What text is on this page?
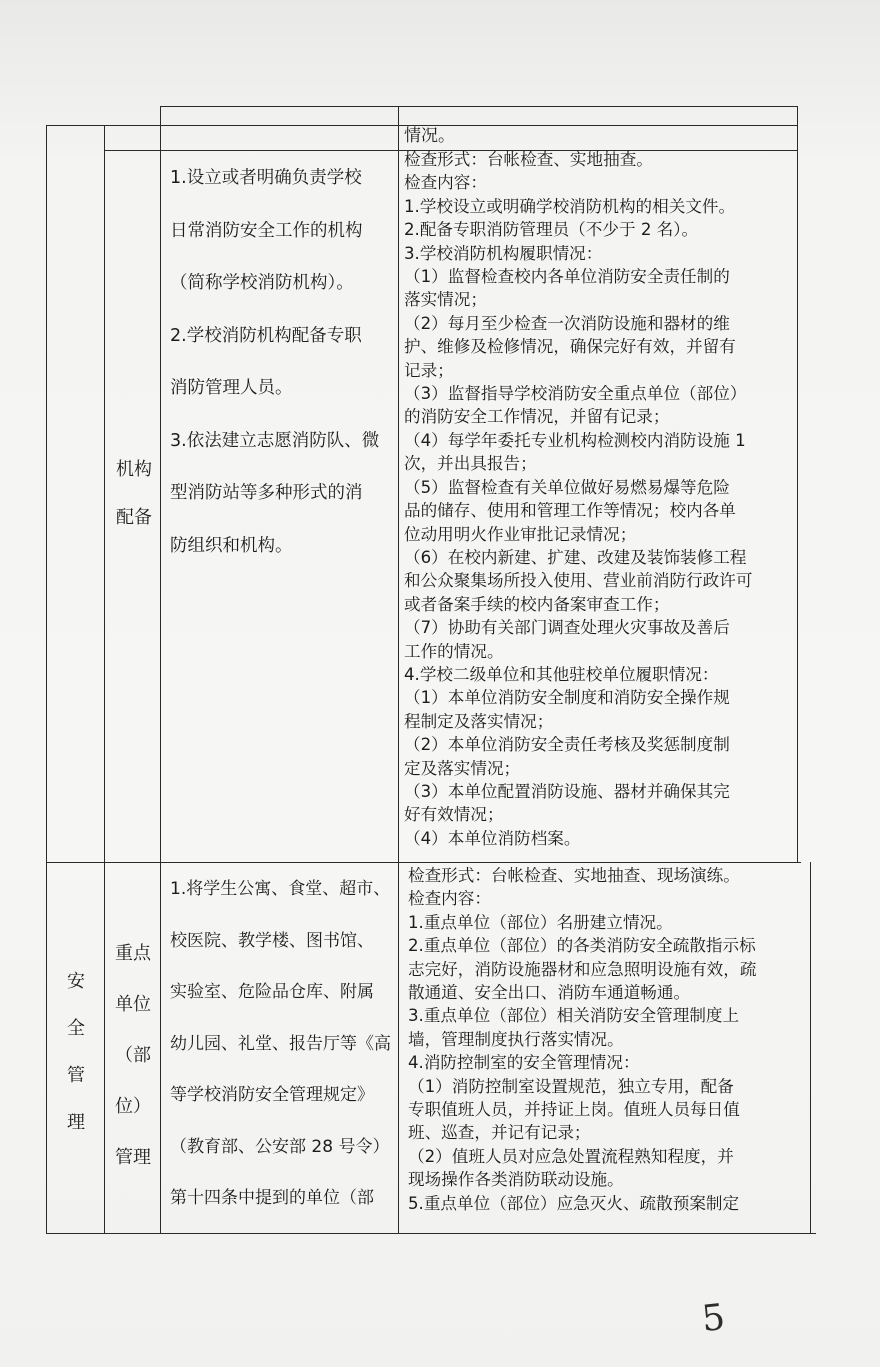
情况。
机构
配备
1.设立或者明确负责学校
日常消防安全工作的机构
（简称学校消防机构）。
2.学校消防机构配备专职
消防管理人员。
3.依法建立志愿消防队、微
型消防站等多种形式的消
防组织和机构。
检查形式：台帐检查、实地抽查。
检查内容：
1.学校设立或明确学校消防机构的相关文件。
2.配备专职消防管理员（不少于 2 名）。
3.学校消防机构履职情况：
（1）监督检查校内各单位消防安全责任制的
落实情况；
（2）每月至少检查一次消防设施和器材的维
护、维修及检修情况，确保完好有效，并留有
记录；
（3）监督指导学校消防安全重点单位（部位）
的消防安全工作情况，并留有记录；
（4）每学年委托专业机构检测校内消防设施 1
次，并出具报告；
（5）监督检查有关单位做好易燃易爆等危险
品的储存、使用和管理工作等情况；校内各单
位动用明火作业审批记录情况；
（6）在校内新建、扩建、改建及装饰装修工程
和公众聚集场所投入使用、营业前消防行政许可
或者备案手续的校内备案审查工作；
（7）协助有关部门调查处理火灾事故及善后
工作的情况。
4.学校二级单位和其他驻校单位履职情况：
（1）本单位消防安全制度和消防安全操作规
程制定及落实情况；
（2）本单位消防安全责任考核及奖惩制度制
定及落实情况；
（3）本单位配置消防设施、器材并确保其完
好有效情况；
（4）本单位消防档案。
安
全
管
理
重点
单位
（部
位）
管理
1.将学生公寓、食堂、超市、
校医院、教学楼、图书馆、
实验室、危险品仓库、附属
幼儿园、礼堂、报告厅等《高
等学校消防安全管理规定》
（教育部、公安部 28 号令）
第十四条中提到的单位（部
检查形式：台帐检查、实地抽查、现场演练。
检查内容：
1.重点单位（部位）名册建立情况。
2.重点单位（部位）的各类消防安全疏散指示标
志完好，消防设施器材和应急照明设施有效，疏
散通道、安全出口、消防车通道畅通。
3.重点单位（部位）相关消防安全管理制度上
墙，管理制度执行落实情况。
4.消防控制室的安全管理情况：
（1）消防控制室设置规范，独立专用，配备
专职值班人员，并持证上岗。值班人员每日值
班、巡查，并记有记录；
（2）值班人员对应急处置流程熟知程度，并
现场操作各类消防联动设施。
5.重点单位（部位）应急灭火、疏散预案制定
5
